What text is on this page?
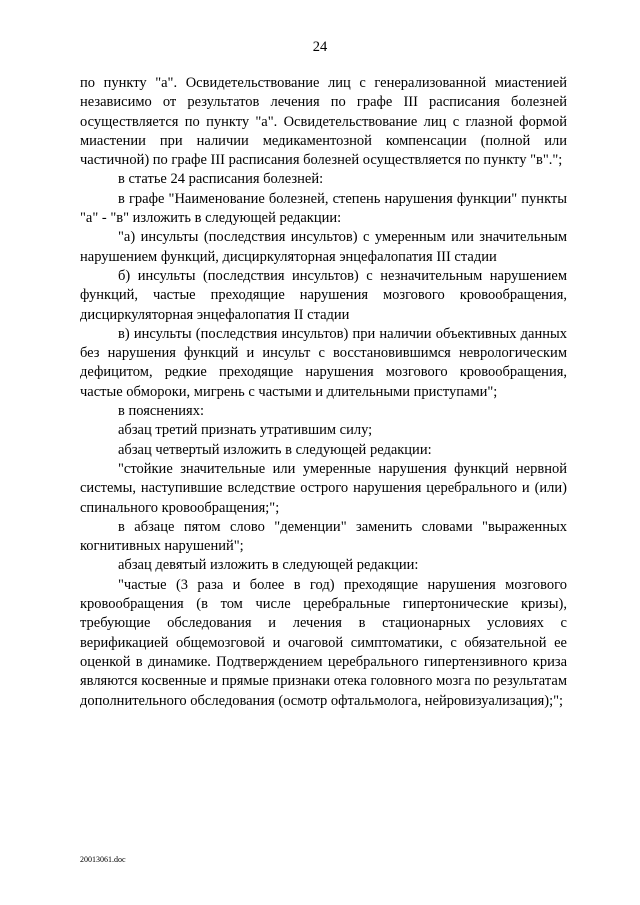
24

по пункту "а". Освидетельствование лиц с генерализованной миастенией независимо от результатов лечения по графе III расписания болезней осуществляется по пункту "а". Освидетельствование лиц с глазной формой миастении при наличии медикаментозной компенсации (полной или частичной) по графе III расписания болезней осуществляется по пункту "в".";

в статье 24 расписания болезней:

в графе "Наименование болезней, степень нарушения функции" пункты "а" - "в" изложить в следующей редакции:

"а) инсульты (последствия инсультов) с умеренным или значительным нарушением функций, дисциркуляторная энцефалопатия III стадии

б) инсульты (последствия инсультов) с незначительным нарушением функций, частые преходящие нарушения мозгового кровообращения, дисциркуляторная энцефалопатия II стадии

в) инсульты (последствия инсультов) при наличии объективных данных без нарушения функций и инсульт с восстановившимся неврологическим дефицитом, редкие преходящие нарушения мозгового кровообращения, частые обмороки, мигрень с частыми и длительными приступами";

в пояснениях:

абзац третий признать утратившим силу;

абзац четвертый изложить в следующей редакции:

"стойкие значительные или умеренные нарушения функций нервной системы, наступившие вследствие острого нарушения церебрального и (или) спинального кровообращения;";

в абзаце пятом слово "деменции" заменить словами "выраженных когнитивных нарушений";

абзац девятый изложить в следующей редакции:

"частые (3 раза и более в год) преходящие нарушения мозгового кровообращения (в том числе церебральные гипертонические кризы), требующие обследования и лечения в стационарных условиях с верификацией общемозговой и очаговой симптоматики, с обязательной ее оценкой в динамике. Подтверждением церебрального гипертензивного криза являются косвенные и прямые признаки отека головного мозга по результатам дополнительного обследования (осмотр офтальмолога, нейровизуализация);";

20013061.doc
